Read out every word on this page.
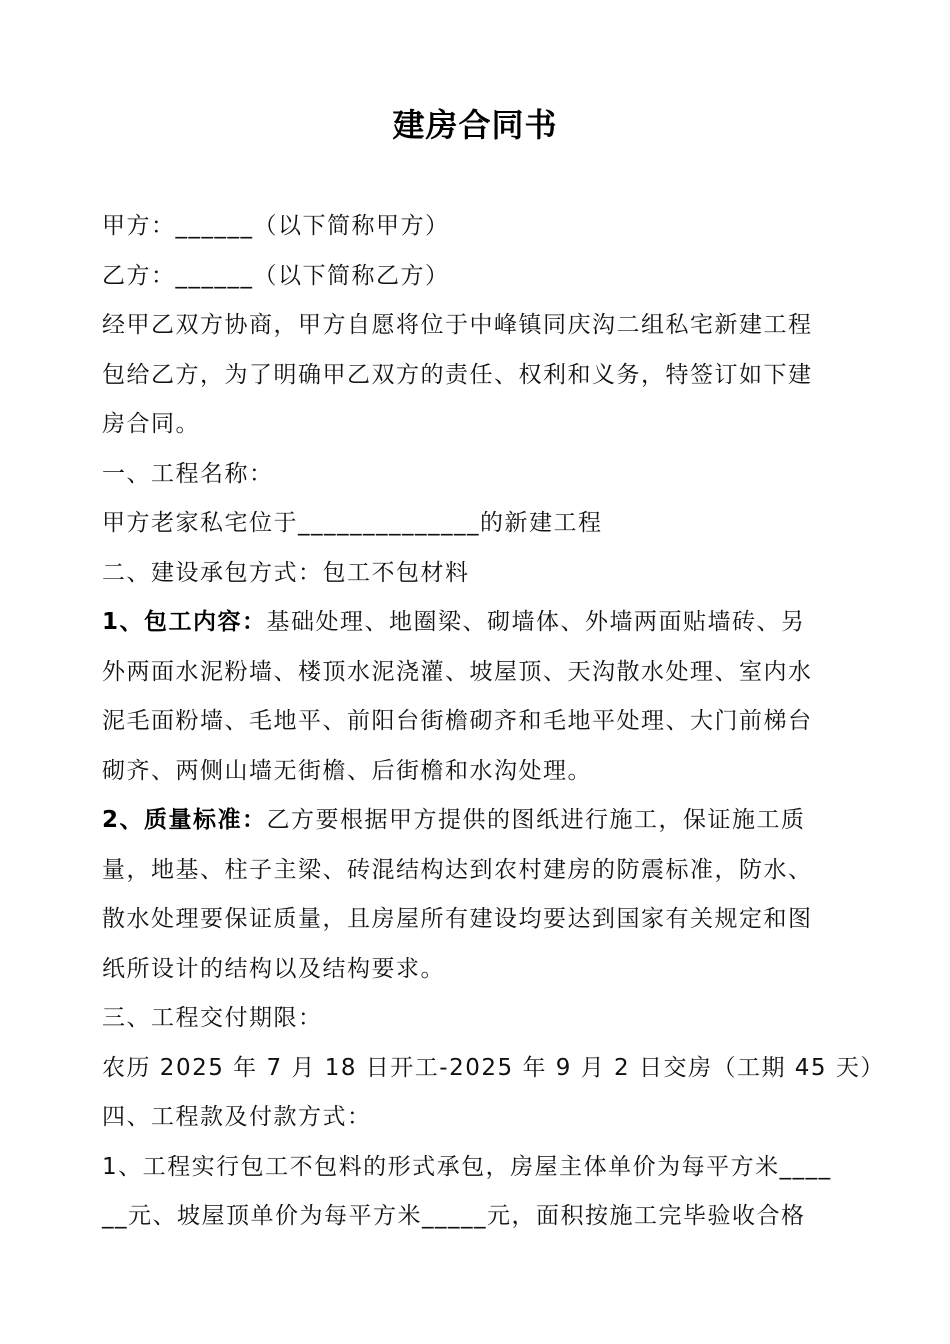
建房合同书
甲方：______（以下简称甲方）
乙方：______（以下简称乙方）
经甲乙双方协商，甲方自愿将位于中峰镇同庆沟二组私宅新建工程
包给乙方，为了明确甲乙双方的责任、权利和义务，特签订如下建
房合同。
一、工程名称：
甲方老家私宅位于______________的新建工程
二、建设承包方式：包工不包材料
1、包工内容：基础处理、地圈梁、砌墙体、外墙两面贴墙砖、另
外两面水泥粉墙、楼顶水泥浇灌、坡屋顶、天沟散水处理、室内水
泥毛面粉墙、毛地平、前阳台街檐砌齐和毛地平处理、大门前梯台
砌齐、两侧山墙无街檐、后街檐和水沟处理。
2、质量标准：乙方要根据甲方提供的图纸进行施工，保证施工质
量，地基、柱子主梁、砖混结构达到农村建房的防震标准，防水、
散水处理要保证质量，且房屋所有建设均要达到国家有关规定和图
纸所设计的结构以及结构要求。
三、工程交付期限：
农历 2025 年 7 月 18 日开工-2025 年 9 月 2 日交房（工期 45 天）
四、工程款及付款方式：
1、工程实行包工不包料的形式承包，房屋主体单价为每平方米____
__元、坡屋顶单价为每平方米_____元，面积按施工完毕验收合格
